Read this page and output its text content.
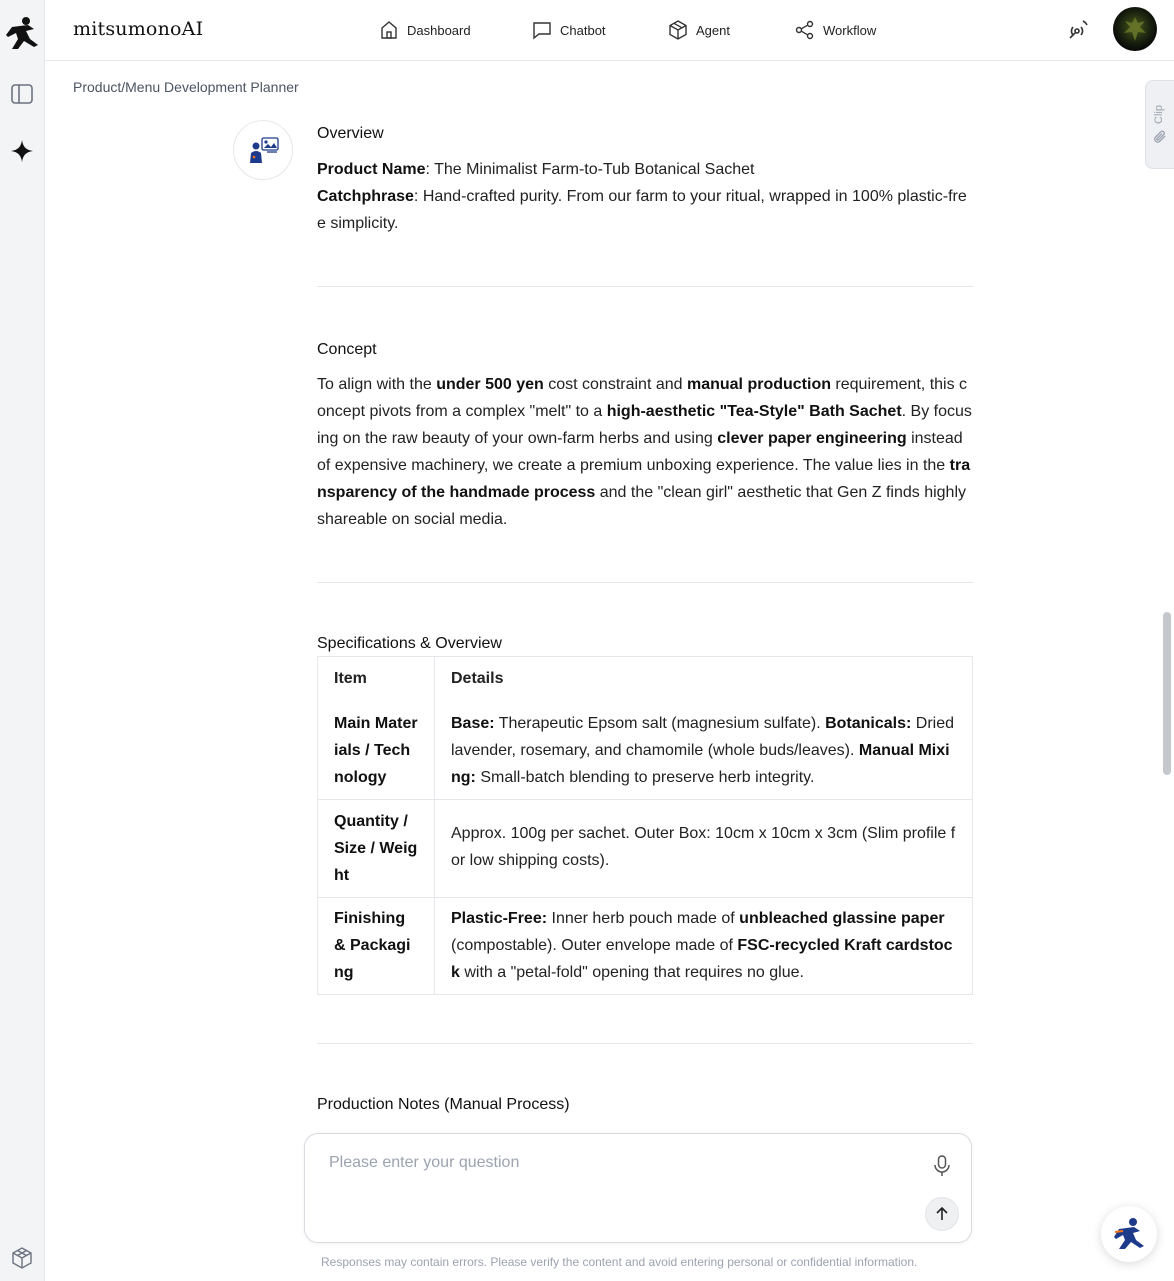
mitsumonoAI	Dashboard	Chatbot	Agent	Workflow
Product/Menu Development Planner
Clip
Overview
Product Name: The Minimalist Farm-to-Tub Botanical Sachet
Catchphrase: Hand-crafted purity. From our farm to your ritual, wrapped in 100% plastic-free simplicity.
Concept
To align with the under 500 yen cost constraint and manual production requirement, this concept pivots from a complex "melt" to a high-aesthetic "Tea-Style" Bath Sachet. By focusing on the raw beauty of your own-farm herbs and using clever paper engineering instead of expensive machinery, we create a premium unboxing experience. The value lies in the transparency of the handmade process and the "clean girl" aesthetic that Gen Z finds highly shareable on social media.
Specifications & Overview
Item	Details
Main Materials / Technology	Base: Therapeutic Epsom salt (magnesium sulfate). Botanicals: Dried lavender, rosemary, and chamomile (whole buds/leaves). Manual Mixing: Small-batch blending to preserve herb integrity.
Quantity / Size / Weight	Approx. 100g per sachet. Outer Box: 10cm x 10cm x 3cm (Slim profile for low shipping costs).
Finishing & Packaging	Plastic-Free: Inner herb pouch made of unbleached glassine paper (compostable). Outer envelope made of FSC-recycled Kraft cardstock with a "petal-fold" opening that requires no glue.
Production Notes (Manual Process)
Please enter your question
Responses may contain errors. Please verify the content and avoid entering personal or confidential information.
